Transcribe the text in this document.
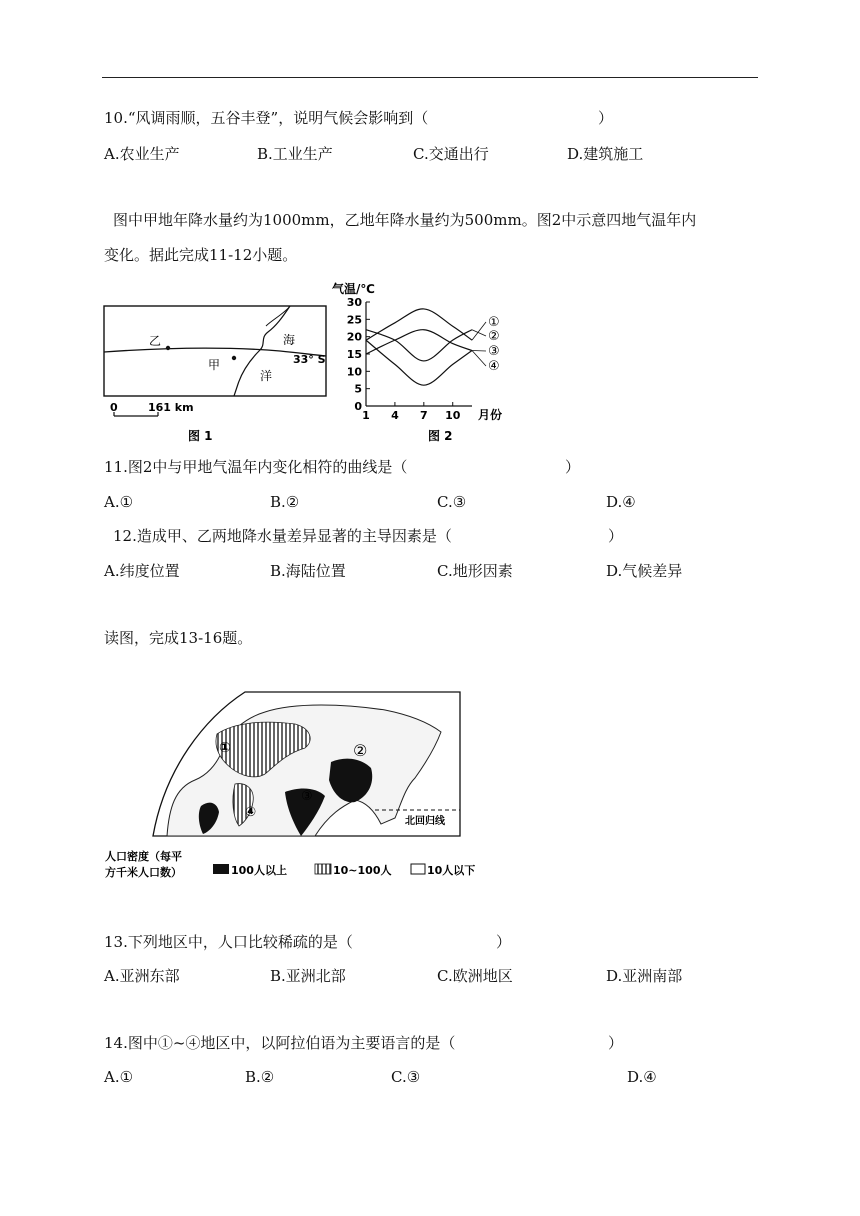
10.“风调雨顺，五谷丰登”，说明气候会影响到（	）
A.农业生产	B.工业生产	C.交通出行	D.建筑施工
图中甲地年降水量约为1000mm，乙地年降水量约为500mm。图2中示意四地气温年内
变化。据此完成11-12小题。
乙
甲
海
洋
33° S
0	161 km
图 1
气温/℃
0
5
10
15
20
25
30
1 4 7 10
①
②
③
④
月份
图 2
11.图2中与甲地气温年内变化相符的曲线是（	）
A.①	B.②	C.③	D.④
12.造成甲、乙两地降水量差异显著的主导因素是（	）
A.纬度位置	B.海陆位置	C.地形因素	D.气候差异
读图，完成13-16题。
北回归线
①	②
③
④
人口密度（每平
方千米人口数）	100人以上	10~100人	10人以下
13.下列地区中，人口比较稀疏的是（	）
A.亚洲东部	B.亚洲北部	C.欧洲地区	D.亚洲南部
14.图中①~④地区中，以阿拉伯语为主要语言的是（	）
A.①	B.②	C.③	D.④
